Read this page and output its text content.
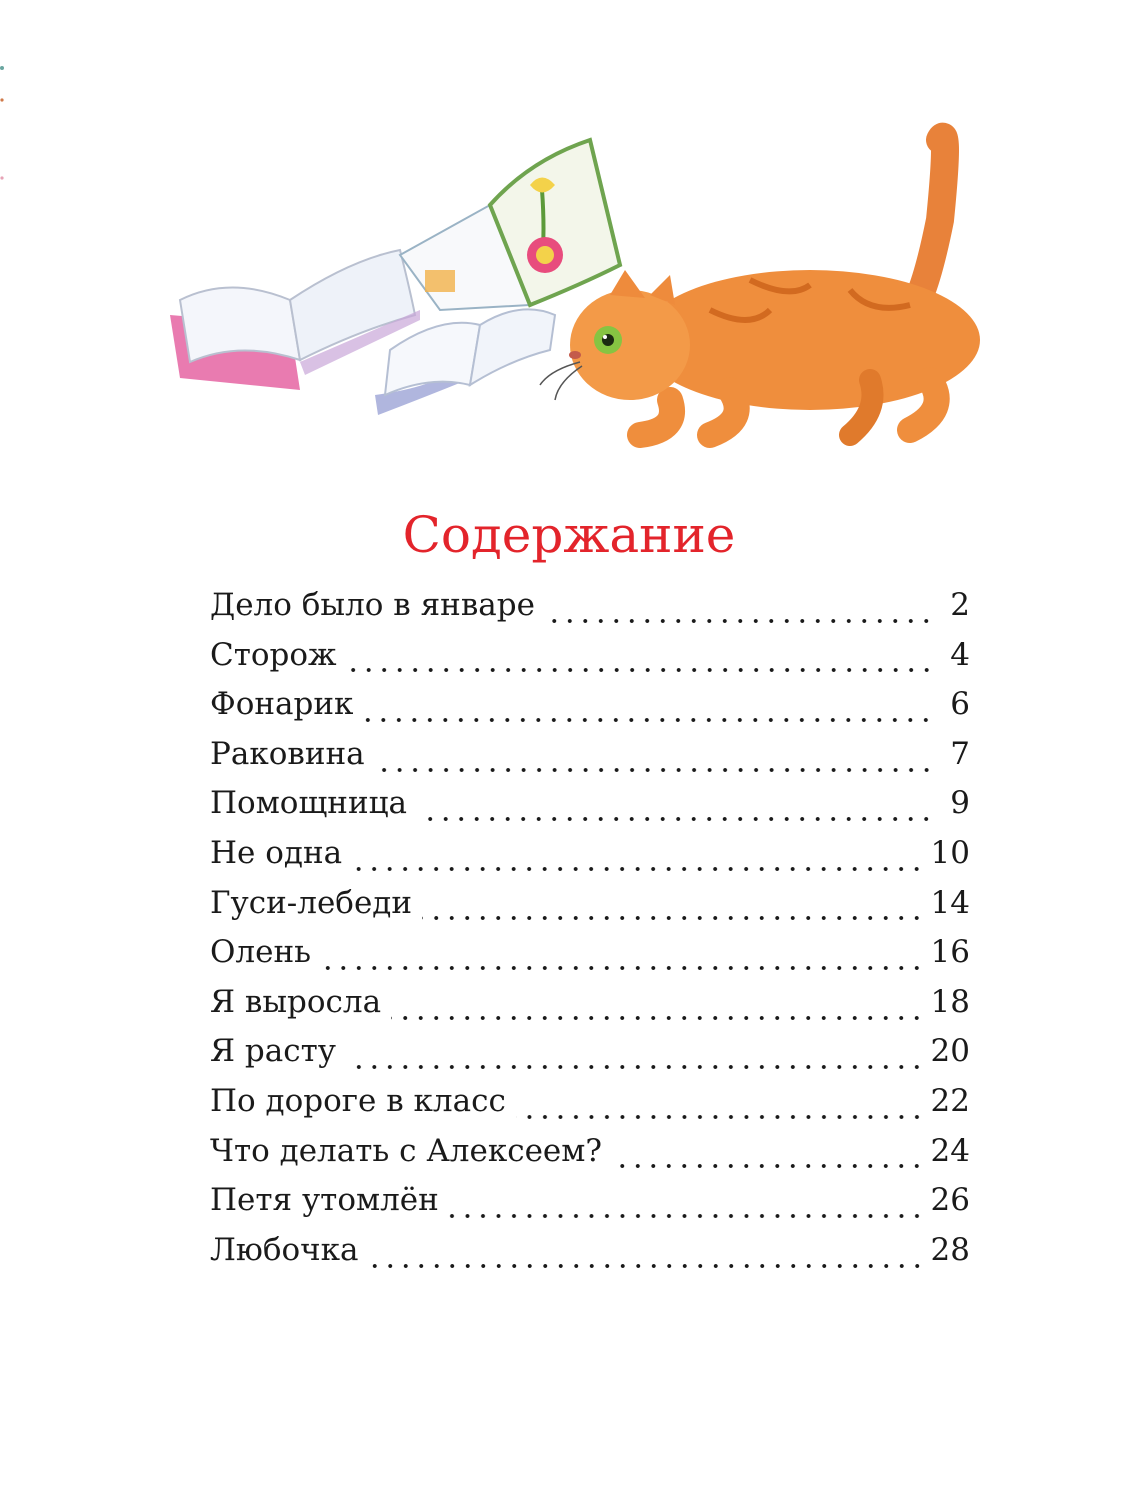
Содержание
Дело было в январе	2
Сторож	4
Фонарик	6
Раковина	7
Помощница	9
Не одна	10
Гуси-лебеди	14
Олень	16
Я выросла	18
Я расту	20
По дороге в класс	22
Что делать с Алексеем?	24
Петя утомлён	26
Любочка	28
